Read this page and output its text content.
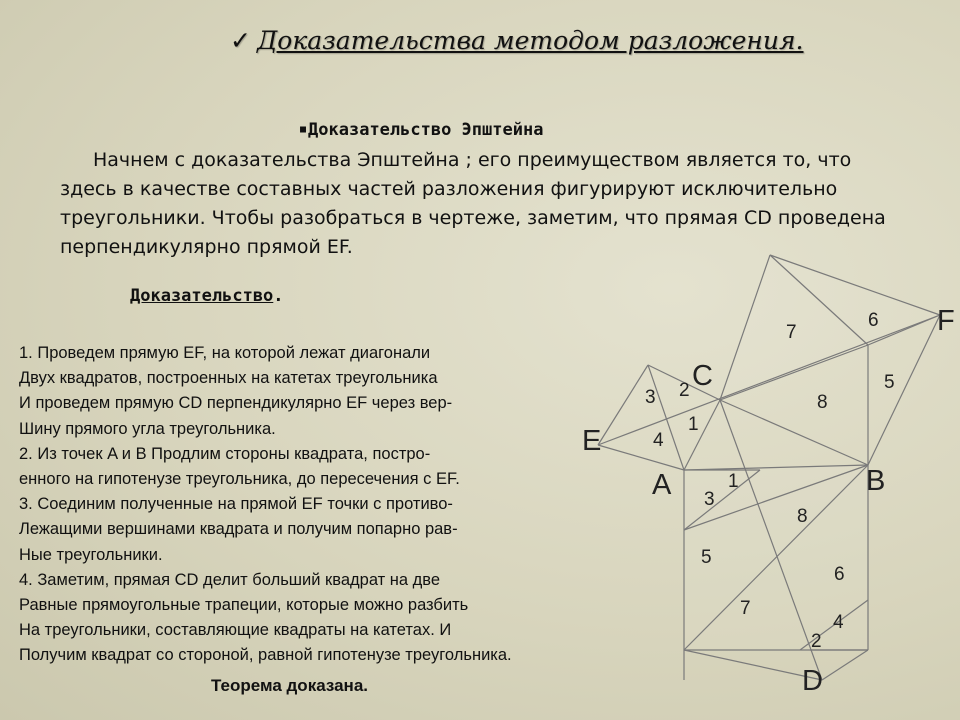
✓ Доказательства методом разложения.
■ Доказательство Эпштейна
Начнем с доказательства Эпштейна ; его преимуществом является то, что здесь в качестве составных частей разложения фигурируют исключительно треугольники. Чтобы разобраться в чертеже, заметим, что прямая CD проведена перпендикулярно прямой EF.
Доказательство.
1. Проведем прямую EF, на которой лежат диагонали
Двух квадратов, построенных на катетах треугольника
И проведем прямую CD перпендикулярно EF через вер-
Шину прямого угла треугольника.
2. Из точек A и B Продлим стороны квадрата, постро-
енного на гипотенузе треугольника, до пересечения с EF.
3. Соединим полученные на прямой EF точки с противо-
Лежащими вершинами квадрата и получим попарно рав-
Ные треугольники.
4. Заметим, прямая CD делит больший квадрат на две
Равные прямоугольные трапеции, которые можно разбить
На треугольники, составляющие квадраты на катетах. И
Получим квадрат со стороной, равной гипотенузе треугольника.
Теорема доказана.
C
E
A	B
F
D
7
6
5
8
3 2
4
1
1
3
8
5
6
7
4
2
